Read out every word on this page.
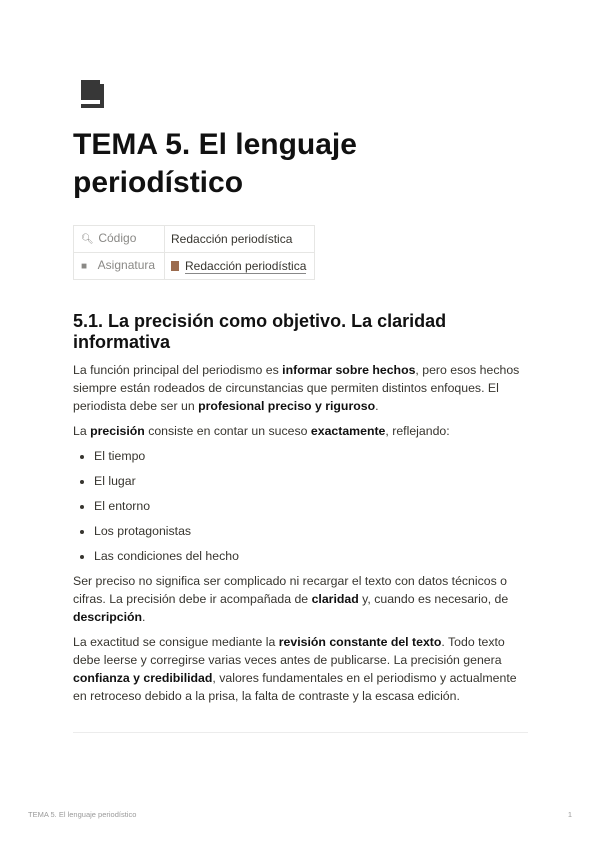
TEMA 5. El lenguaje periodístico
🔍︎ Código	Redacción periodística
■ Asignatura	Redacción periodística
5.1. La precisión como objetivo. La claridad informativa

La función principal del periodismo es informar sobre hechos, pero esos hechos siempre están rodeados de circunstancias que permiten distintos enfoques. El periodista debe ser un profesional preciso y riguroso.

La precisión consiste en contar un suceso exactamente, reflejando:

• El tiempo
• El lugar
• El entorno
• Los protagonistas
• Las condiciones del hecho

Ser preciso no significa ser complicado ni recargar el texto con datos técnicos o cifras. La precisión debe ir acompañada de claridad y, cuando es necesario, de descripción.

La exactitud se consigue mediante la revisión constante del texto. Todo texto debe leerse y corregirse varias veces antes de publicarse. La precisión genera confianza y credibilidad, valores fundamentales en el periodismo y actualmente en retroceso debido a la prisa, la falta de contraste y la escasa edición.

TEMA 5. El lenguaje periodístico	1
